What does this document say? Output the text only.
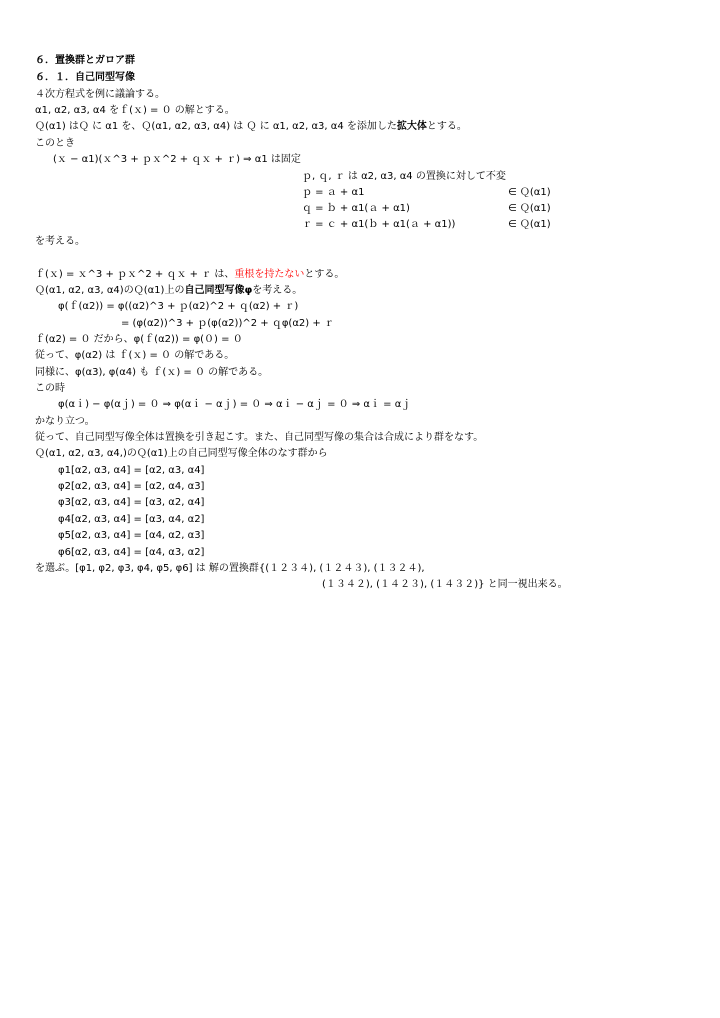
６．置換群とガロア群
６．１．自己同型写像
４次方程式を例に議論する。
α1, α2, α3, α4 をｆ(ｘ) = ０ の解とする。
Ｑ(α1) はＱ に α1 を、Ｑ(α1, α2, α3, α4) は Ｑ に α1, α2, α3, α4 を添加した拡大体とする。
このとき
(ｘ − α1)(ｘ^3 + ｐｘ^2 + ｑｘ + ｒ) ⇒ α1 は固定
ｐ, ｑ, ｒ は α2, α3, α4 の置換に対して不変
ｐ = ａ + α1	∈ Ｑ(α1)
ｑ = ｂ + α1(ａ + α1)	∈ Ｑ(α1)
ｒ = ｃ + α1(ｂ + α1(ａ + α1))	∈ Ｑ(α1)
を考える。
ｆ(ｘ) = ｘ^3 + ｐｘ^2 + ｑｘ + ｒ は、重根を持たないとする。
Ｑ(α1, α2, α3, α4)のＱ(α1)上の自己同型写像φを考える。
φ(ｆ(α2)) = φ((α2)^3 + ｐ(α2)^2 + ｑ(α2) + ｒ)
= (φ(α2))^3 + ｐ(φ(α2))^2 + ｑφ(α2) + ｒ
ｆ(α2) = ０ だから、φ(ｆ(α2)) = φ(０) = ０
従って、φ(α2) は ｆ(ｘ) = ０ の解である。
同様に、φ(α3), φ(α4) も ｆ(ｘ) = ０ の解である。
この時
φ(αｉ) − φ(αｊ) = ０ ⇒ φ(αｉ − αｊ) = ０ ⇒ αｉ − αｊ = ０ ⇒ αｉ = αｊ
かなり立つ。
従って、自己同型写像全体は置換を引き起こす。また、自己同型写像の集合は合成により群をなす。
Ｑ(α1, α2, α3, α4,)のＱ(α1)上の自己同型写像全体のなす群から
φ1[α2, α3, α4] = [α2, α3, α4]
φ2[α2, α3, α4] = [α2, α4, α3]
φ3[α2, α3, α4] = [α3, α2, α4]
φ4[α2, α3, α4] = [α3, α4, α2]
φ5[α2, α3, α4] = [α4, α2, α3]
φ6[α2, α3, α4] = [α4, α3, α2]
を選ぶ。[φ1, φ2, φ3, φ4, φ5, φ6] は 解の置換群{(１２３４), (１２４３), (１３２４),
(１３４２), (１４２３), (１４３２)} と同一視出来る。
